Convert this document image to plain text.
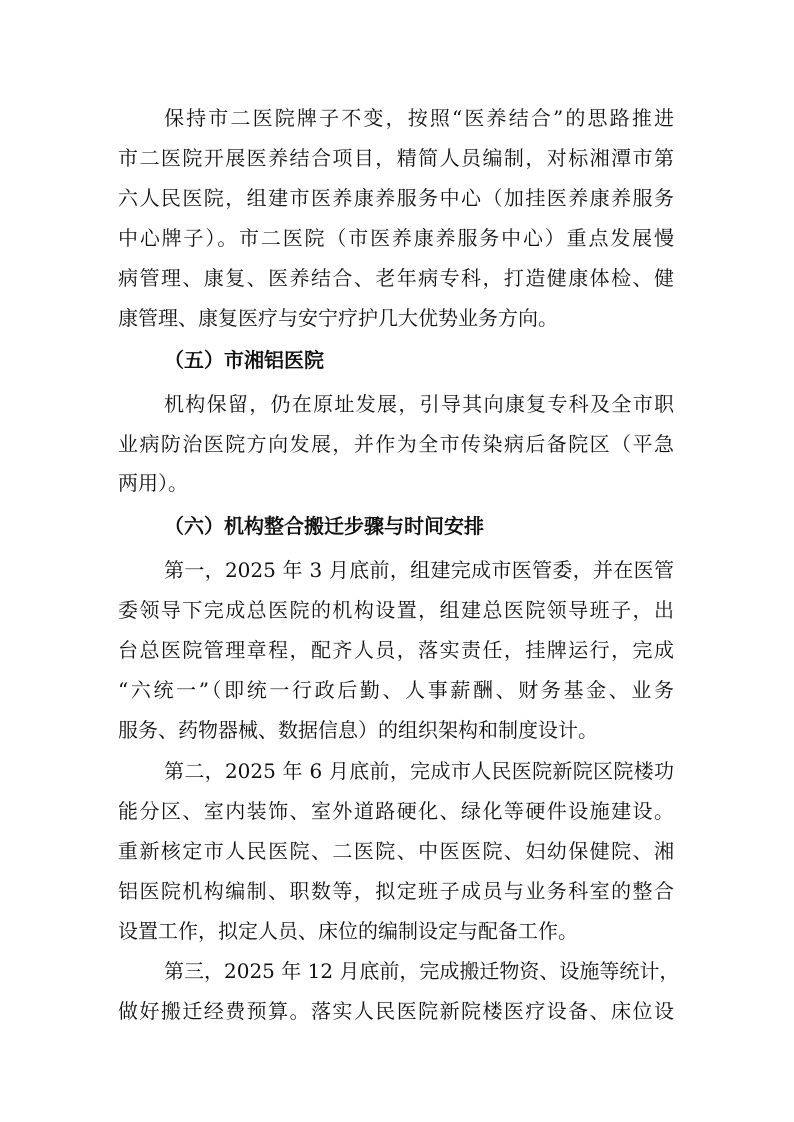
保持市二医院牌子不变，按照“医养结合”的思路推进
市二医院开展医养结合项目，精简人员编制，对标湘潭市第
六人民医院，组建市医养康养服务中心（加挂医养康养服务
中心牌子）。市二医院（市医养康养服务中心）重点发展慢
病管理、康复、医养结合、老年病专科，打造健康体检、健
康管理、康复医疗与安宁疗护几大优势业务方向。
（五）市湘铝医院
机构保留，仍在原址发展，引导其向康复专科及全市职
业病防治医院方向发展，并作为全市传染病后备院区（平急
两用）。
（六）机构整合搬迁步骤与时间安排
第一，2025 年 3 月底前，组建完成市医管委，并在医管
委领导下完成总医院的机构设置，组建总医院领导班子，出
台总医院管理章程，配齐人员，落实责任，挂牌运行，完成
“六统一”（即统一行政后勤、人事薪酬、财务基金、业务
服务、药物器械、数据信息）的组织架构和制度设计。
第二，2025 年 6 月底前，完成市人民医院新院区院楼功
能分区、室内装饰、室外道路硬化、绿化等硬件设施建设。
重新核定市人民医院、二医院、中医医院、妇幼保健院、湘
铝医院机构编制、职数等，拟定班子成员与业务科室的整合
设置工作，拟定人员、床位的编制设定与配备工作。
第三，2025 年 12 月底前，完成搬迁物资、设施等统计，
做好搬迁经费预算。落实人民医院新院楼医疗设备、床位设
